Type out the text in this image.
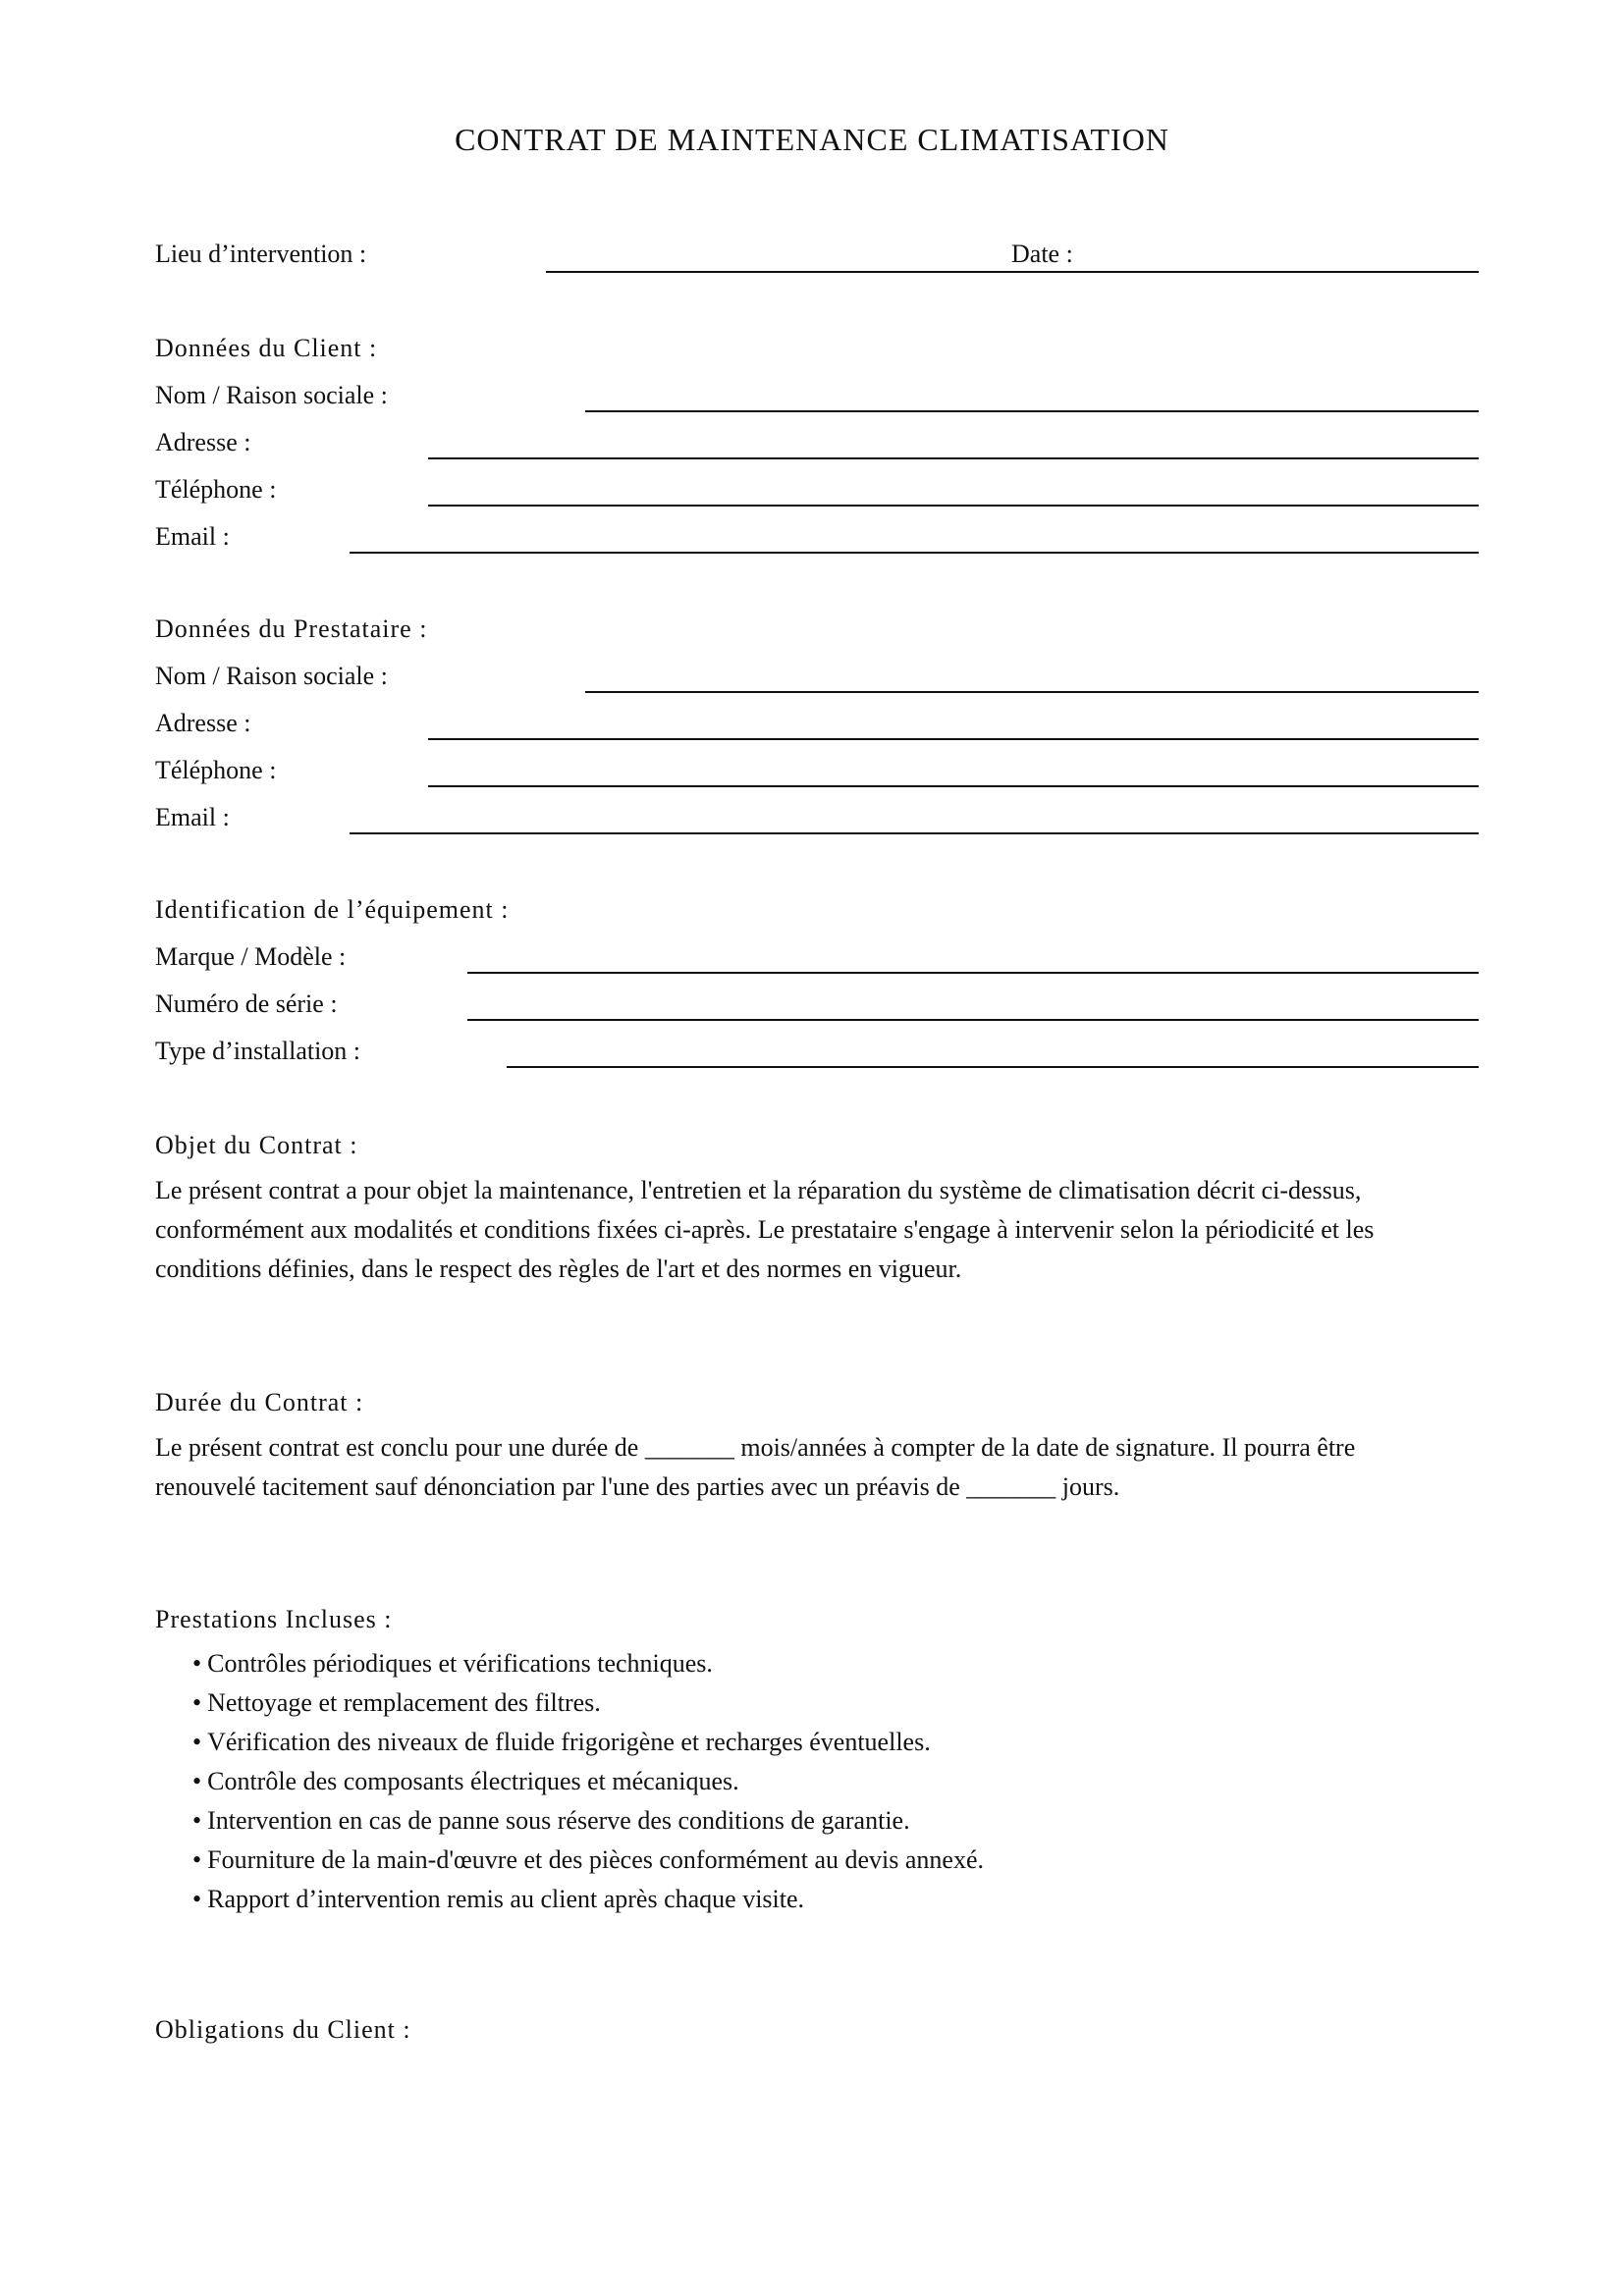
CONTRAT DE MAINTENANCE CLIMATISATION
Lieu d’intervention :	Date :
Données du Client :
Nom / Raison sociale :
Adresse :
Téléphone :
Email :
Données du Prestataire :
Nom / Raison sociale :
Adresse :
Téléphone :
Email :
Identification de l’équipement :
Marque / Modèle :
Numéro de série :
Type d’installation :
Objet du Contrat :
Le présent contrat a pour objet la maintenance, l'entretien et la réparation du système de climatisation décrit ci-dessus,
conformément aux modalités et conditions fixées ci-après. Le prestataire s'engage à intervenir selon la périodicité et les
conditions définies, dans le respect des règles de l'art et des normes en vigueur.
Durée du Contrat :
Le présent contrat est conclu pour une durée de _______ mois/années à compter de la date de signature. Il pourra être
renouvelé tacitement sauf dénonciation par l'une des parties avec un préavis de _______ jours.
Prestations Incluses :
• Contrôles périodiques et vérifications techniques.
• Nettoyage et remplacement des filtres.
• Vérification des niveaux de fluide frigorigène et recharges éventuelles.
• Contrôle des composants électriques et mécaniques.
• Intervention en cas de panne sous réserve des conditions de garantie.
• Fourniture de la main-d'œuvre et des pièces conformément au devis annexé.
• Rapport d’intervention remis au client après chaque visite.
Obligations du Client :
